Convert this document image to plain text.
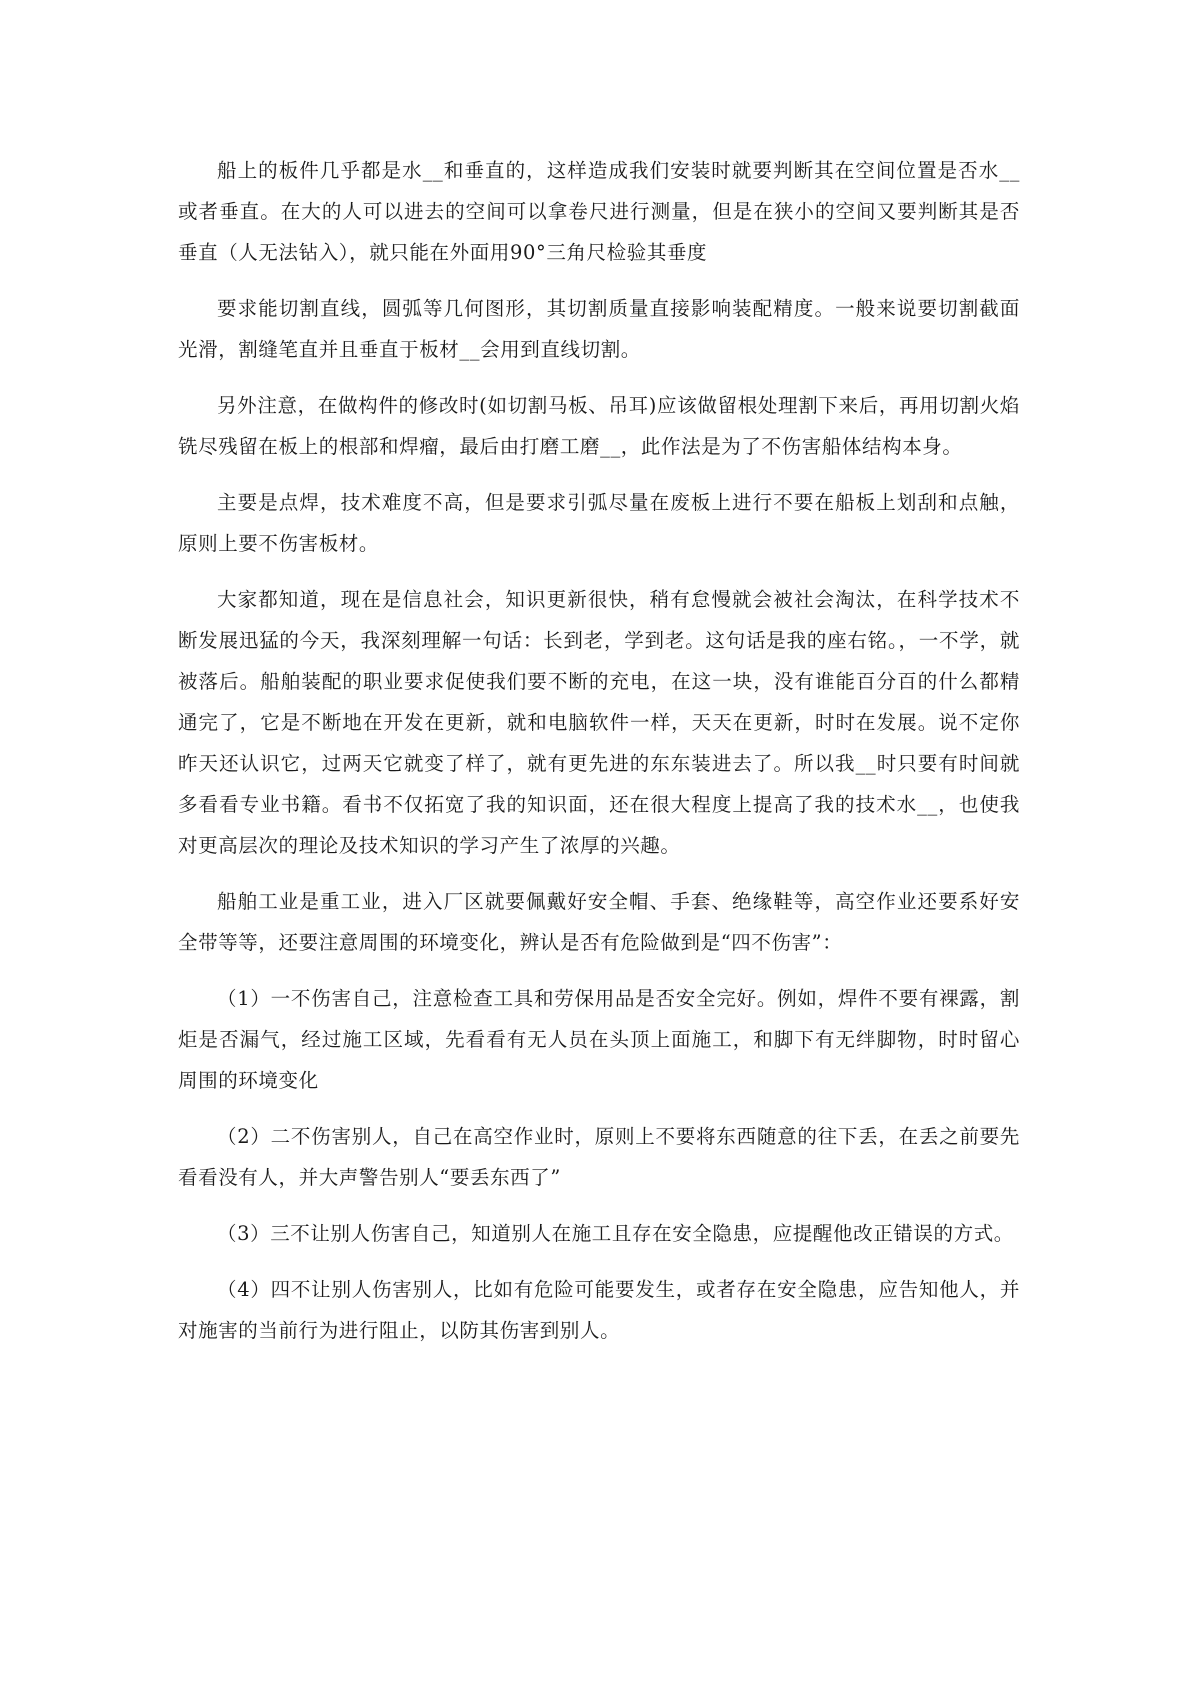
船上的板件几乎都是水__和垂直的，这样造成我们安装时就要判断其在空间位置是否水__或者垂直。在大的人可以进去的空间可以拿卷尺进行测量，但是在狭小的空间又要判断其是否垂直（人无法钻入），就只能在外面用90°三角尺检验其垂度

要求能切割直线，圆弧等几何图形，其切割质量直接影响装配精度。一般来说要切割截面光滑，割缝笔直并且垂直于板材__会用到直线切割。

另外注意，在做构件的修改时(如切割马板、吊耳)应该做留根处理割下来后，再用切割火焰铣尽残留在板上的根部和焊瘤，最后由打磨工磨__，此作法是为了不伤害船体结构本身。

主要是点焊，技术难度不高，但是要求引弧尽量在废板上进行不要在船板上划刮和点触，原则上要不伤害板材。

大家都知道，现在是信息社会，知识更新很快，稍有怠慢就会被社会淘汰，在科学技术不断发展迅猛的今天，我深刻理解一句话：长到老，学到老。这句话是我的座右铭。，一不学，就被落后。船舶装配的职业要求促使我们要不断的充电，在这一块，没有谁能百分百的什么都精通完了，它是不断地在开发在更新，就和电脑软件一样，天天在更新，时时在发展。说不定你昨天还认识它，过两天它就变了样了，就有更先进的东东装进去了。所以我__时只要有时间就多看看专业书籍。看书不仅拓宽了我的知识面，还在很大程度上提高了我的技术水__，也使我对更高层次的理论及技术知识的学习产生了浓厚的兴趣。

船舶工业是重工业，进入厂区就要佩戴好安全帽、手套、绝缘鞋等，高空作业还要系好安全带等等，还要注意周围的环境变化，辨认是否有危险做到是“四不伤害”：

（1）一不伤害自己，注意检查工具和劳保用品是否安全完好。例如，焊件不要有裸露，割炬是否漏气，经过施工区域，先看看有无人员在头顶上面施工，和脚下有无绊脚物，时时留心周围的环境变化

（2）二不伤害别人，自己在高空作业时，原则上不要将东西随意的往下丢，在丢之前要先看看没有人，并大声警告别人“要丢东西了”

（3）三不让别人伤害自己，知道别人在施工且存在安全隐患，应提醒他改正错误的方式。

（4）四不让别人伤害别人，比如有危险可能要发生，或者存在安全隐患，应告知他人，并对施害的当前行为进行阻止，以防其伤害到别人。
